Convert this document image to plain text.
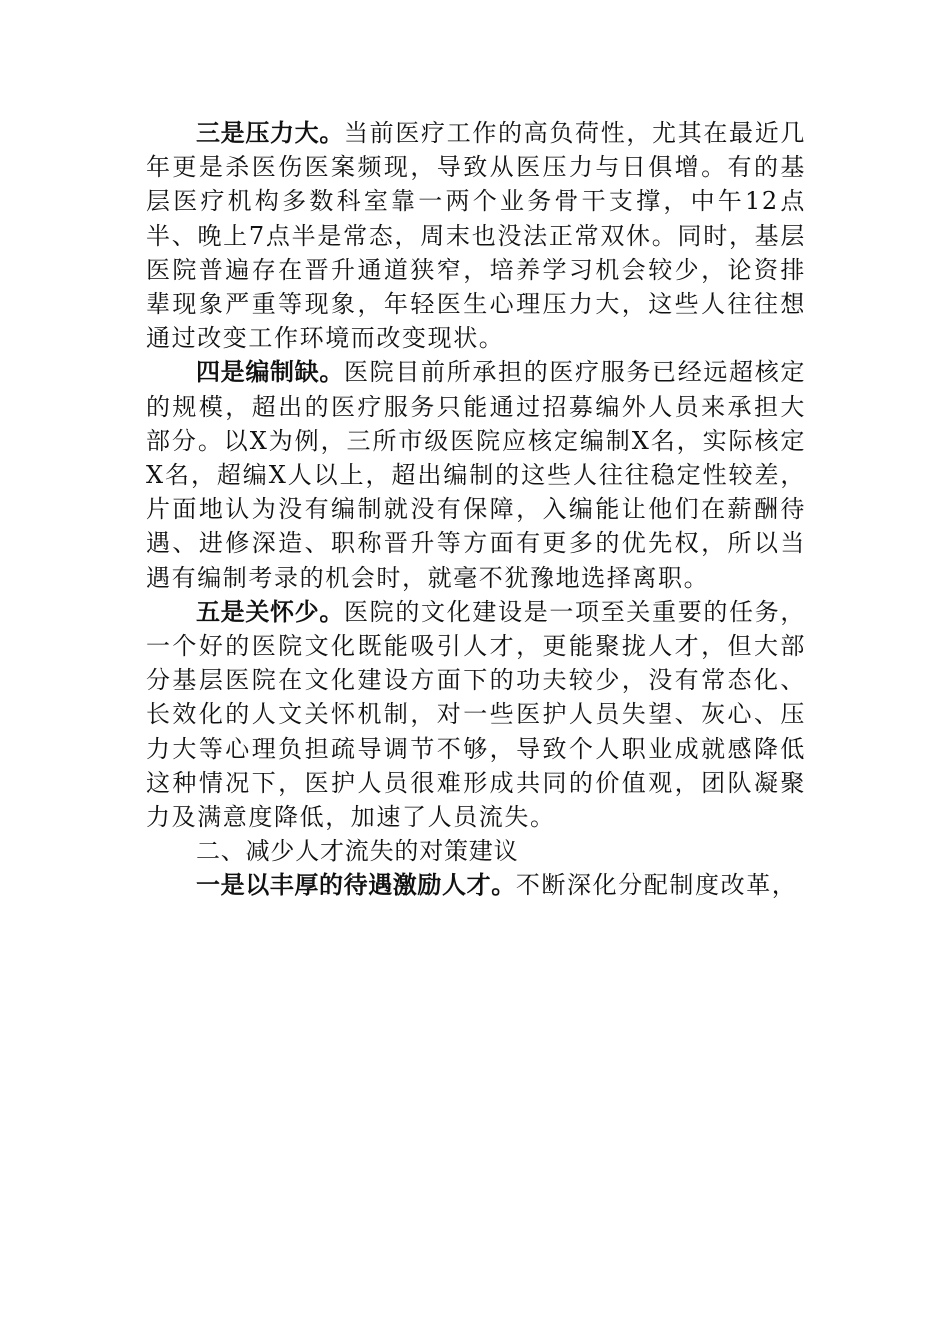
三是压力大。当前医疗工作的高负荷性，尤其在最近几年更是杀医伤医案频现，导致从医压力与日俱增。有的基层医疗机构多数科室靠一两个业务骨干支撑，中午12点半、晚上7点半是常态，周末也没法正常双休。同时，基层医院普遍存在晋升通道狭窄，培养学习机会较少，论资排辈现象严重等现象，年轻医生心理压力大，这些人往往想通过改变工作环境而改变现状。

四是编制缺。医院目前所承担的医疗服务已经远超核定的规模，超出的医疗服务只能通过招募编外人员来承担大部分。以X为例，三所市级医院应核定编制X名，实际核定X名，超编X人以上，超出编制的这些人往往稳定性较差，片面地认为没有编制就没有保障，入编能让他们在薪酬待遇、进修深造、职称晋升等方面有更多的优先权，所以当遇有编制考录的机会时，就毫不犹豫地选择离职。

五是关怀少。医院的文化建设是一项至关重要的任务，一个好的医院文化既能吸引人才，更能聚拢人才，但大部分基层医院在文化建设方面下的功夫较少，没有常态化、长效化的人文关怀机制，对一些医护人员失望、灰心、压力大等心理负担疏导调节不够，导致个人职业成就感降低这种情况下，医护人员很难形成共同的价值观，团队凝聚力及满意度降低，加速了人员流失。

二、减少人才流失的对策建议

一是以丰厚的待遇激励人才。不断深化分配制度改革，
